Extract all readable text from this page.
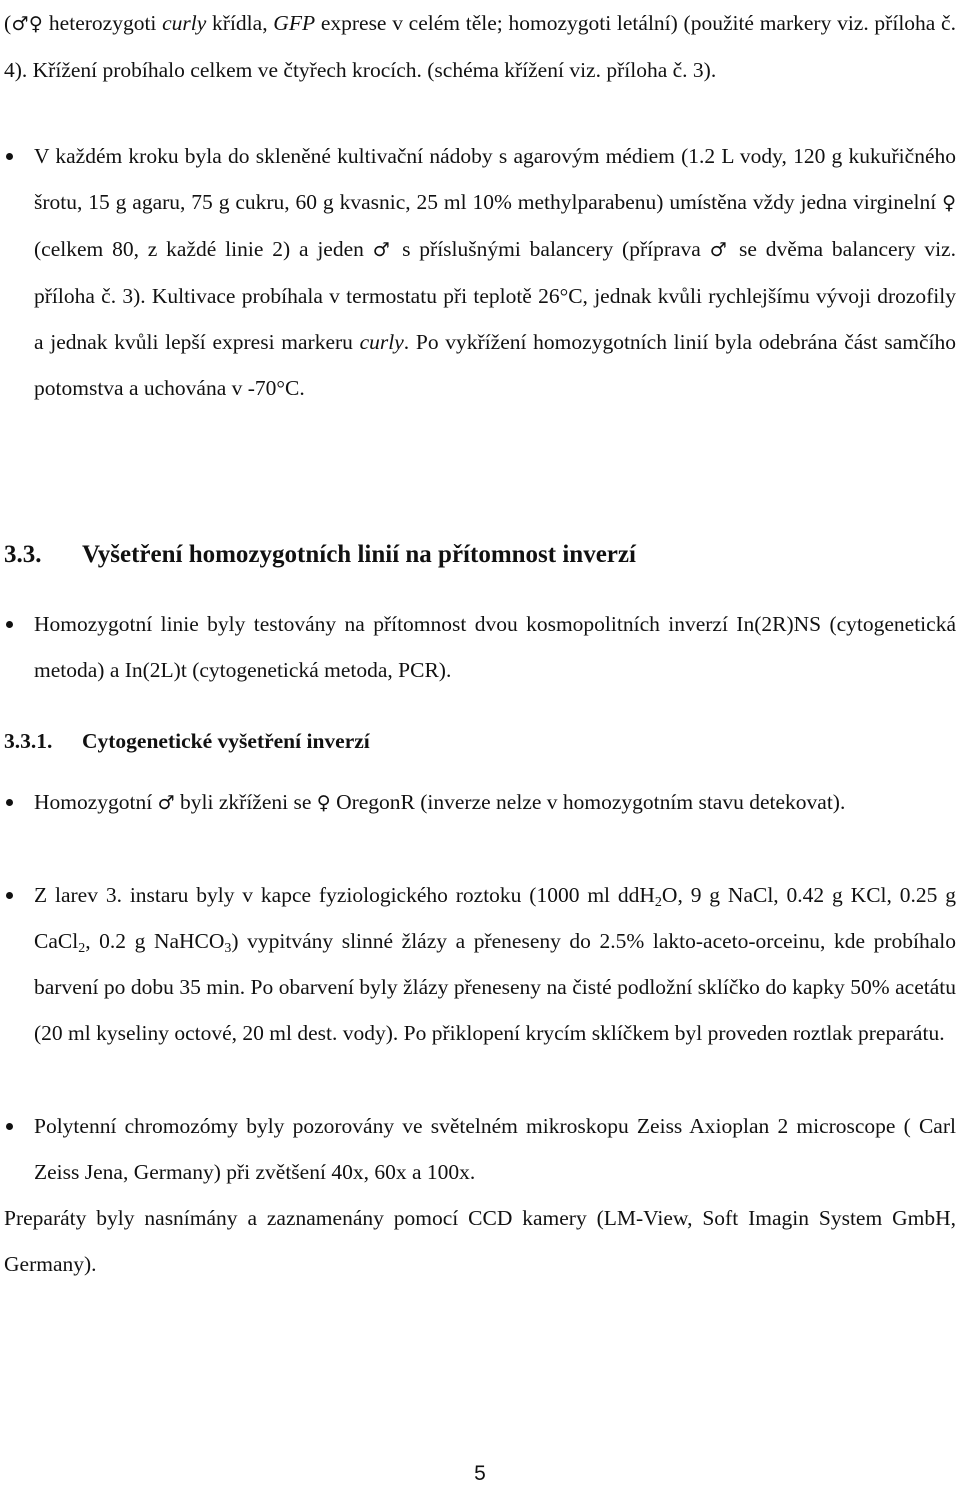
(♂♀ heterozygoti curly křídla, GFP exprese v celém těle; homozygoti letální) (použité markery viz. příloha č. 4). Křížení probíhalo celkem ve čtyřech krocích. (schéma křížení viz. příloha č. 3).

V každém kroku byla do skleněné kultivační nádoby s agarovým médiem (1.2 L vody, 120 g kukuřičného šrotu, 15 g agaru, 75 g cukru, 60 g kvasnic, 25 ml 10% methylparabenu) umístěna vždy jedna virginelní ♀ (celkem 80, z každé linie 2) a jeden ♂ s příslušnými balancery (příprava ♂ se dvěma balancery viz. příloha č. 3). Kultivace probíhala v termostatu při teplotě 26°C, jednak kvůli rychlejšímu vývoji drozofily a jednak kvůli lepší expresi markeru curly. Po vykřížení homozygotních linií byla odebrána část samčího potomstva a uchována v -70°C.

3.3. Vyšetření homozygotních linií na přítomnost inverzí

Homozygotní linie byly testovány na přítomnost dvou kosmopolitních inverzí In(2R)NS (cytogenetická metoda) a In(2L)t (cytogenetická metoda, PCR).

3.3.1. Cytogenetické vyšetření inverzí

Homozygotní ♂ byli zkříženi se ♀ OregonR (inverze nelze v homozygotním stavu detekovat).

Z larev 3. instaru byly v kapce fyziologického roztoku (1000 ml ddH$_2$O, 9 g NaCl, 0.42 g KCl, 0.25 g CaCl$_2$, 0.2 g NaHCO$_3$) vypitvány slinné žlázy a přeneseny do 2.5% lakto-aceto-orceinu, kde probíhalo barvení po dobu 35 min. Po obarvení byly žlázy přeneseny na čisté podložní sklíčko do kapky 50% acetátu (20 ml kyseliny octové, 20 ml dest. vody). Po přiklopení krycím sklíčkem byl proveden roztlak preparátu.

Polytenní chromozómy byly pozorovány ve světelném mikroskopu Zeiss Axioplan 2 microscope ( Carl Zeiss Jena, Germany) při zvětšení 40x, 60x a 100x.

Preparáty byly nasnímány a zaznamenány pomocí CCD kamery (LM-View, Soft Imagin System GmbH, Germany).

5
